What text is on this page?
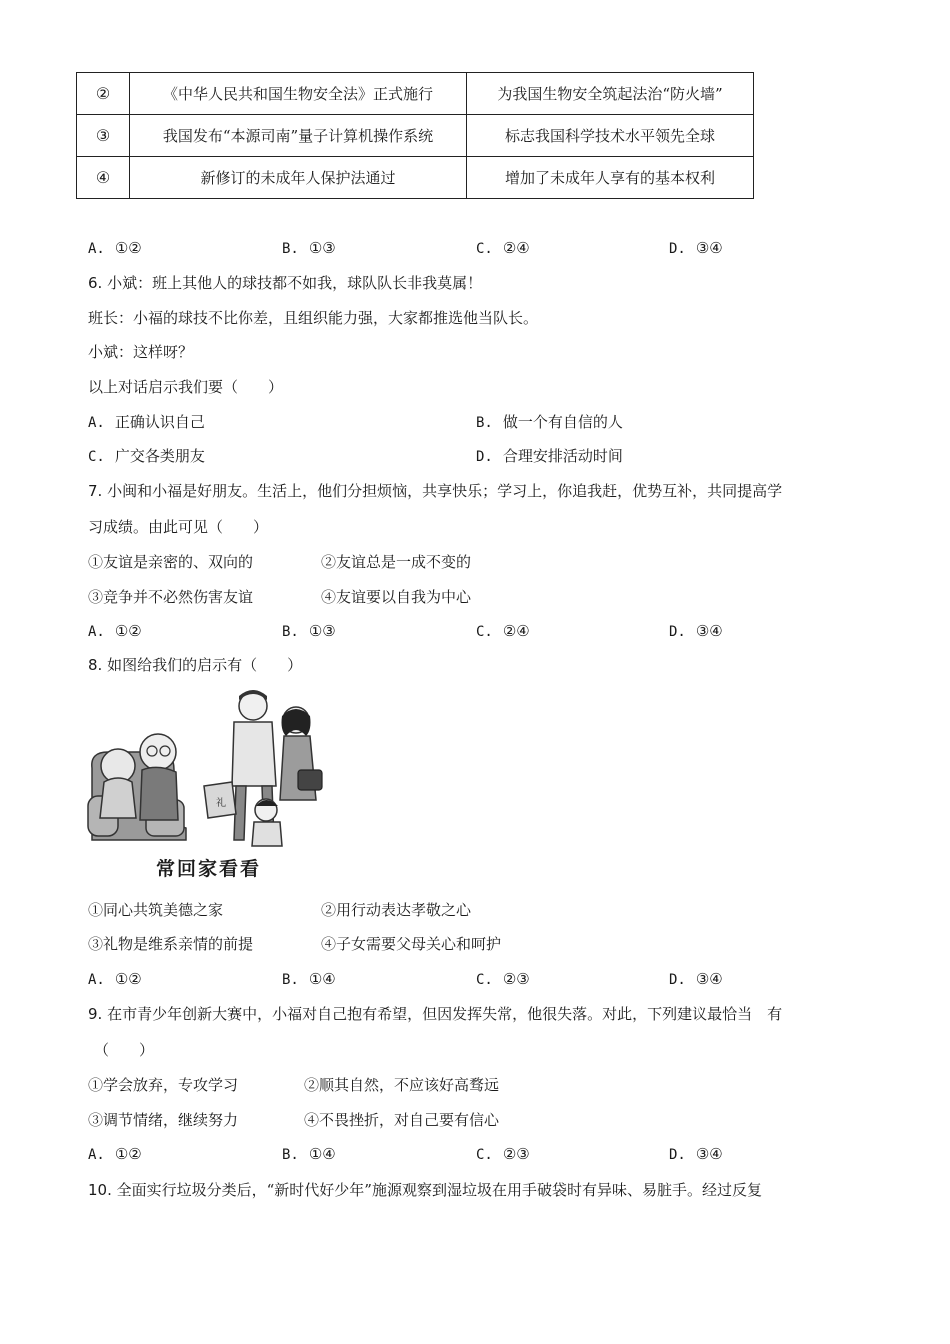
②	《中华人民共和国生物安全法》正式施行	为我国生物安全筑起法治“防火墙”
③	我国发布“本源司南”量子计算机操作系统	标志我国科学技术水平领先全球
④	新修订的未成年人保护法通过	增加了未成年人享有的基本权利
A. ①②	B. ①③	C. ②④	D. ③④
6. 小斌：班上其他人的球技都不如我，球队队长非我莫属！
班长：小福的球技不比你差，且组织能力强，大家都推选他当队长。
小斌：这样呀？
以上对话启示我们要（　　）
A. 正确认识自己	B. 做一个有自信的人
C. 广交各类朋友	D. 合理安排活动时间
7. 小闽和小福是好朋友。生活上，他们分担烦恼，共享快乐；学习上，你追我赶，优势互补，共同提高学
习成绩。由此可见（　　）
①友谊是亲密的、双向的	②友谊总是一成不变的
③竞争并不必然伤害友谊	④友谊要以自我为中心
A. ①②	B. ①③	C. ②④	D. ③④
8. 如图给我们的启示有（　　）
礼
常回家看看
①同心共筑美德之家	②用行动表达孝敬之心
③礼物是维系亲情的前提	④子女需要父母关心和呵护
A. ①②	B. ①④	C. ②③	D. ③④
9. 在市青少年创新大赛中，小福对自己抱有希望，但因发挥失常，他很失落。对此，下列建议最恰当　有
（　　）
①学会放弃，专攻学习	②顺其自然，不应该好高骛远
③调节情绪，继续努力	④不畏挫折，对自己要有信心
A. ①②	B. ①④	C. ②③	D. ③④
10. 全面实行垃圾分类后，“新时代好少年”施源观察到湿垃圾在用手破袋时有异味、易脏手。经过反复
